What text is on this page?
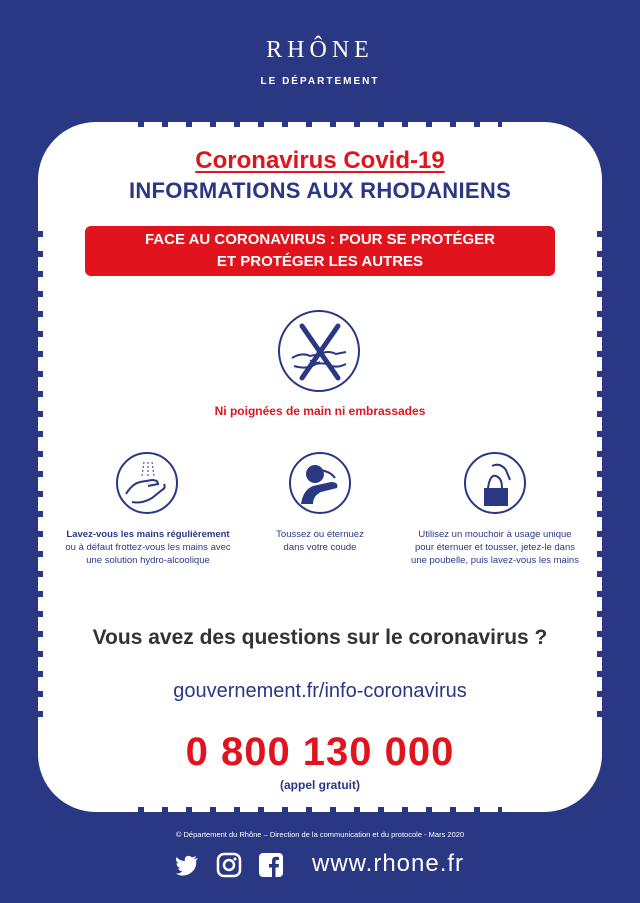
RHÔNE
LE DÉPARTEMENT
Coronavirus Covid-19
INFORMATIONS AUX RHODANIENS
FACE AU CORONAVIRUS : POUR SE PROTÉGER
ET PROTÉGER LES AUTRES
Ni poignées de main ni embrassades
Lavez-vous les mains régulièrement
ou à défaut frottez-vous les mains avec
une solution hydro-alcoolique
Toussez ou éternuez
dans votre coude
Utilisez un mouchoir à usage unique
pour éternuer et tousser, jetez-le dans
une poubelle, puis lavez-vous les mains
Vous avez des questions sur le coronavirus ?
gouvernement.fr/info-coronavirus
0 800 130 000
(appel gratuit)
© Département du Rhône – Direction de la communication et du protocole - Mars 2020
www.rhone.fr
